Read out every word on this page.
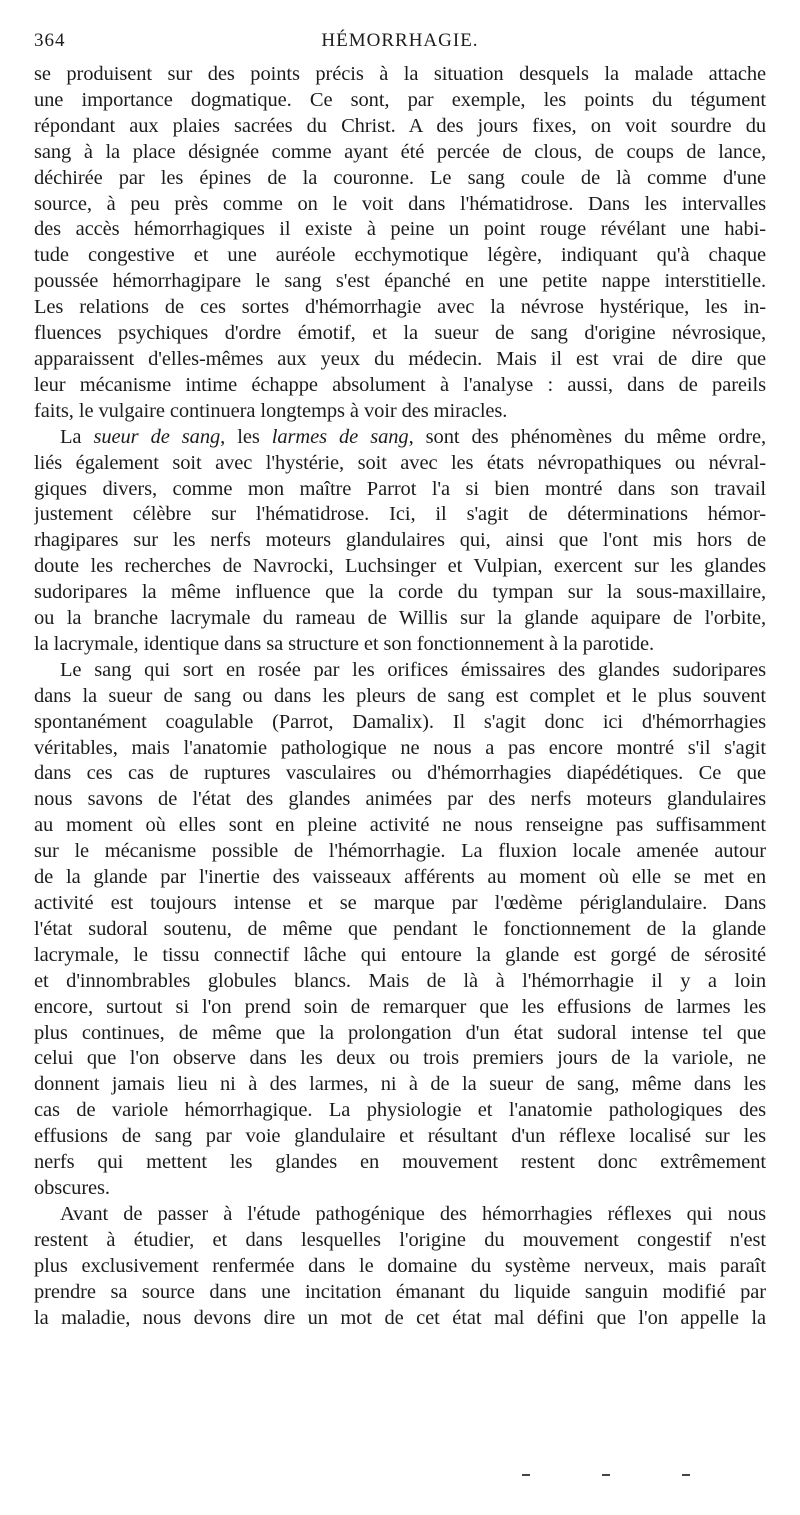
364	HÉMORRHAGIE.
se produisent sur des points précis à la situation desquels la malade attache
une importance dogmatique. Ce sont, par exemple, les points du tégument
répondant aux plaies sacrées du Christ. A des jours fixes, on voit sourdre du
sang à la place désignée comme ayant été percée de clous, de coups de lance,
déchirée par les épines de la couronne. Le sang coule de là comme d'une
source, à peu près comme on le voit dans l'hématidrose. Dans les intervalles
des accès hémorrhagiques il existe à peine un point rouge révélant une habi-
tude congestive et une auréole ecchymotique légère, indiquant qu'à chaque
poussée hémorrhagipare le sang s'est épanché en une petite nappe interstitielle.
Les relations de ces sortes d'hémorrhagie avec la névrose hystérique, les in-
fluences psychiques d'ordre émotif, et la sueur de sang d'origine névrosique,
apparaissent d'elles-mêmes aux yeux du médecin. Mais il est vrai de dire que
leur mécanisme intime échappe absolument à l'analyse : aussi, dans de pareils
faits, le vulgaire continuera longtemps à voir des miracles.
La sueur de sang, les larmes de sang, sont des phénomènes du même ordre,
liés également soit avec l'hystérie, soit avec les états névropathiques ou névral-
giques divers, comme mon maître Parrot l'a si bien montré dans son travail
justement célèbre sur l'hématidrose. Ici, il s'agit de déterminations hémor-
rhagipares sur les nerfs moteurs glandulaires qui, ainsi que l'ont mis hors de
doute les recherches de Navrocki, Luchsinger et Vulpian, exercent sur les glandes
sudoripares la même influence que la corde du tympan sur la sous-maxillaire,
ou la branche lacrymale du rameau de Willis sur la glande aquipare de l'orbite,
la lacrymale, identique dans sa structure et son fonctionnement à la parotide.
Le sang qui sort en rosée par les orifices émissaires des glandes sudoripares
dans la sueur de sang ou dans les pleurs de sang est complet et le plus souvent
spontanément coagulable (Parrot, Damalix). Il s'agit donc ici d'hémorrhagies
véritables, mais l'anatomie pathologique ne nous a pas encore montré s'il s'agit
dans ces cas de ruptures vasculaires ou d'hémorrhagies diapédétiques. Ce que
nous savons de l'état des glandes animées par des nerfs moteurs glandulaires
au moment où elles sont en pleine activité ne nous renseigne pas suffisamment
sur le mécanisme possible de l'hémorrhagie. La fluxion locale amenée autour
de la glande par l'inertie des vaisseaux afférents au moment où elle se met en
activité est toujours intense et se marque par l'œdème périglandulaire. Dans
l'état sudoral soutenu, de même que pendant le fonctionnement de la glande
lacrymale, le tissu connectif lâche qui entoure la glande est gorgé de sérosité
et d'innombrables globules blancs. Mais de là à l'hémorrhagie il y a loin
encore, surtout si l'on prend soin de remarquer que les effusions de larmes les
plus continues, de même que la prolongation d'un état sudoral intense tel que
celui que l'on observe dans les deux ou trois premiers jours de la variole, ne
donnent jamais lieu ni à des larmes, ni à de la sueur de sang, même dans les
cas de variole hémorrhagique. La physiologie et l'anatomie pathologiques des
effusions de sang par voie glandulaire et résultant d'un réflexe localisé sur les
nerfs qui mettent les glandes en mouvement restent donc extrêmement
obscures.
Avant de passer à l'étude pathogénique des hémorrhagies réflexes qui nous
restent à étudier, et dans lesquelles l'origine du mouvement congestif n'est
plus exclusivement renfermée dans le domaine du système nerveux, mais paraît
prendre sa source dans une incitation émanant du liquide sanguin modifié par
la maladie, nous devons dire un mot de cet état mal défini que l'on appelle la
